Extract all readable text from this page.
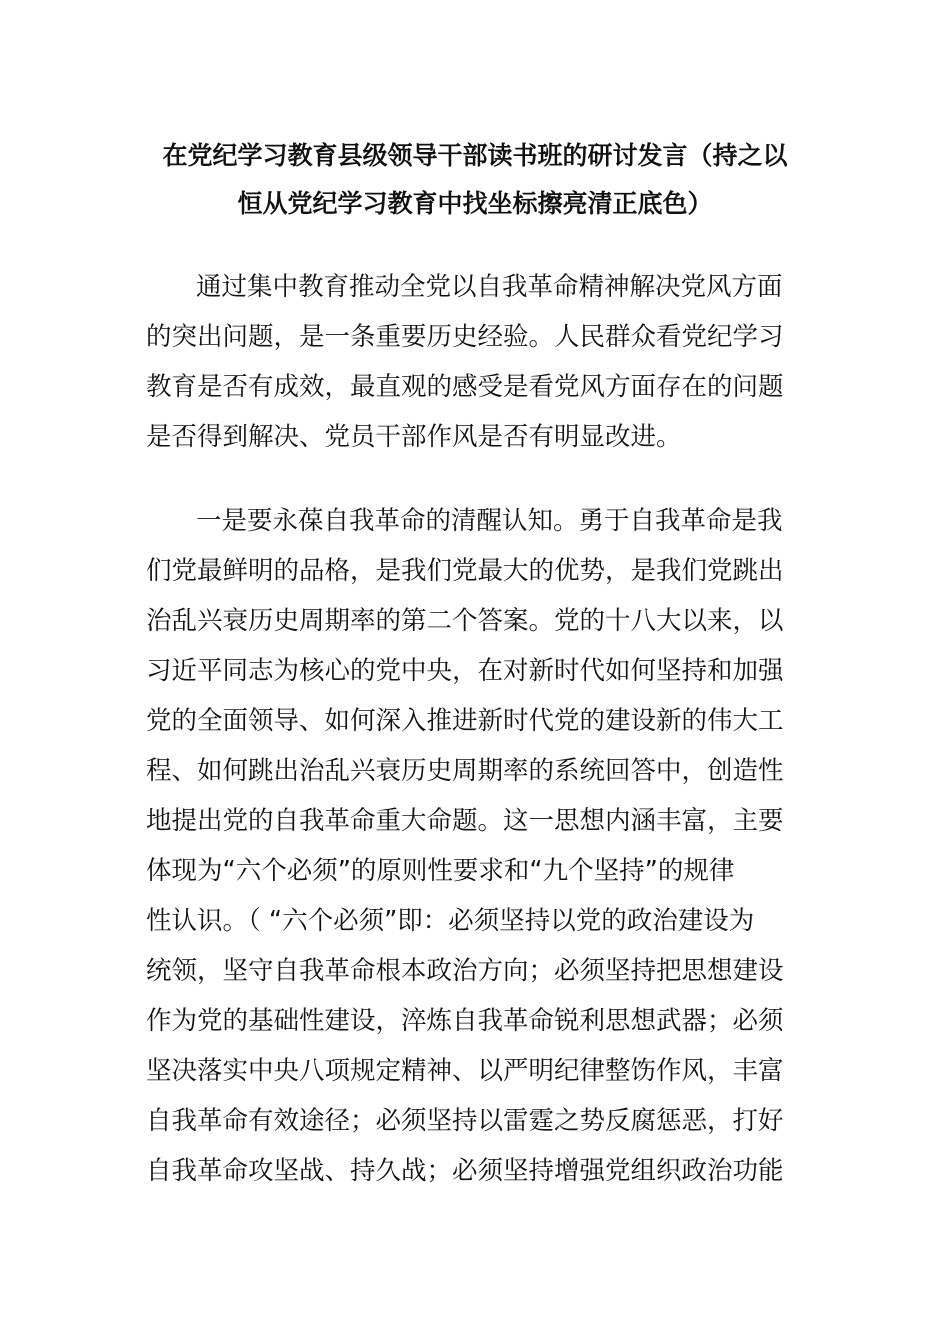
在党纪学习教育县级领导干部读书班的研讨发言（持之以
恒从党纪学习教育中找坐标擦亮清正底色）

通过集中教育推动全党以自我革命精神解决党风方面
的突出问题，是一条重要历史经验。人民群众看党纪学习
教育是否有成效，最直观的感受是看党风方面存在的问题
是否得到解决、党员干部作风是否有明显改进。

一是要永葆自我革命的清醒认知。勇于自我革命是我
们党最鲜明的品格，是我们党最大的优势，是我们党跳出
治乱兴衰历史周期率的第二个答案。党的十八大以来，以
习近平同志为核心的党中央，在对新时代如何坚持和加强
党的全面领导、如何深入推进新时代党的建设新的伟大工
程、如何跳出治乱兴衰历史周期率的系统回答中，创造性
地提出党的自我革命重大命题。这一思想内涵丰富，主要
体现为“六个必须”的原则性要求和“九个坚持”的规律
性认识。（ “六个必须”即：必须坚持以党的政治建设为
统领，坚守自我革命根本政治方向；必须坚持把思想建设
作为党的基础性建设，淬炼自我革命锐利思想武器；必须
坚决落实中央八项规定精神、以严明纪律整饬作风，丰富
自我革命有效途径；必须坚持以雷霆之势反腐惩恶，打好
自我革命攻坚战、持久战；必须坚持增强党组织政治功能
